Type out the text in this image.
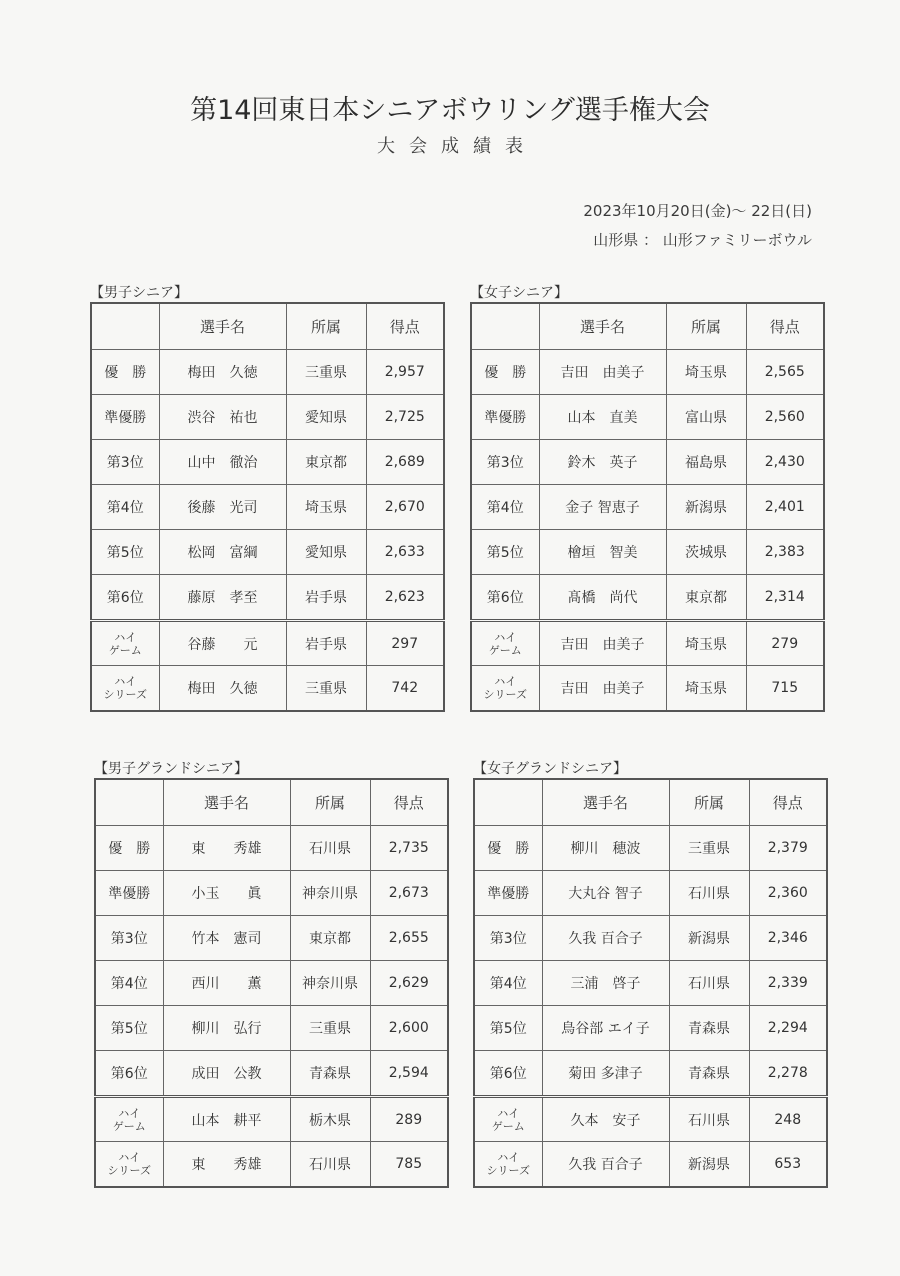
第14回東日本シニアボウリング選手権大会
大会成績表
2023年10月20日(金)～ 22日(日)
山形県 ： 山形ファミリーボウル
【男子シニア】
	選手名	所属	得点
優　勝	梅田　久徳	三重県	2,957
準優勝	渋谷　祐也	愛知県	2,725
第3位	山中　徹治	東京都	2,689
第4位	後藤　光司	埼玉県	2,670
第5位	松岡　富綱	愛知県	2,633
第6位	藤原　孝至	岩手県	2,623
ハイ
ゲーム	谷藤　　元	岩手県	297
ハイ
シリーズ	梅田　久徳	三重県	742
【女子シニア】
	選手名	所属	得点
優　勝	吉田　由美子	埼玉県	2,565
準優勝	山本　直美	富山県	2,560
第3位	鈴木　英子	福島県	2,430
第4位	金子 智恵子	新潟県	2,401
第5位	檜垣　智美	茨城県	2,383
第6位	髙橋　尚代	東京都	2,314
ハイ
ゲーム	吉田　由美子	埼玉県	279
ハイ
シリーズ	吉田　由美子	埼玉県	715
【男子グランドシニア】
	選手名	所属	得点
優　勝	東　　秀雄	石川県	2,735
準優勝	小玉　　眞	神奈川県	2,673
第3位	竹本　憲司	東京都	2,655
第4位	西川　　薫	神奈川県	2,629
第5位	柳川　弘行	三重県	2,600
第6位	成田　公教	青森県	2,594
ハイ
ゲーム	山本　耕平	栃木県	289
ハイ
シリーズ	東　　秀雄	石川県	785
【女子グランドシニア】
	選手名	所属	得点
優　勝	柳川　穂波	三重県	2,379
準優勝	大丸谷 智子	石川県	2,360
第3位	久我 百合子	新潟県	2,346
第4位	三浦　啓子	石川県	2,339
第5位	鳥谷部 エイ子	青森県	2,294
第6位	菊田 多津子	青森県	2,278
ハイ
ゲーム	久本　安子	石川県	248
ハイ
シリーズ	久我 百合子	新潟県	653
